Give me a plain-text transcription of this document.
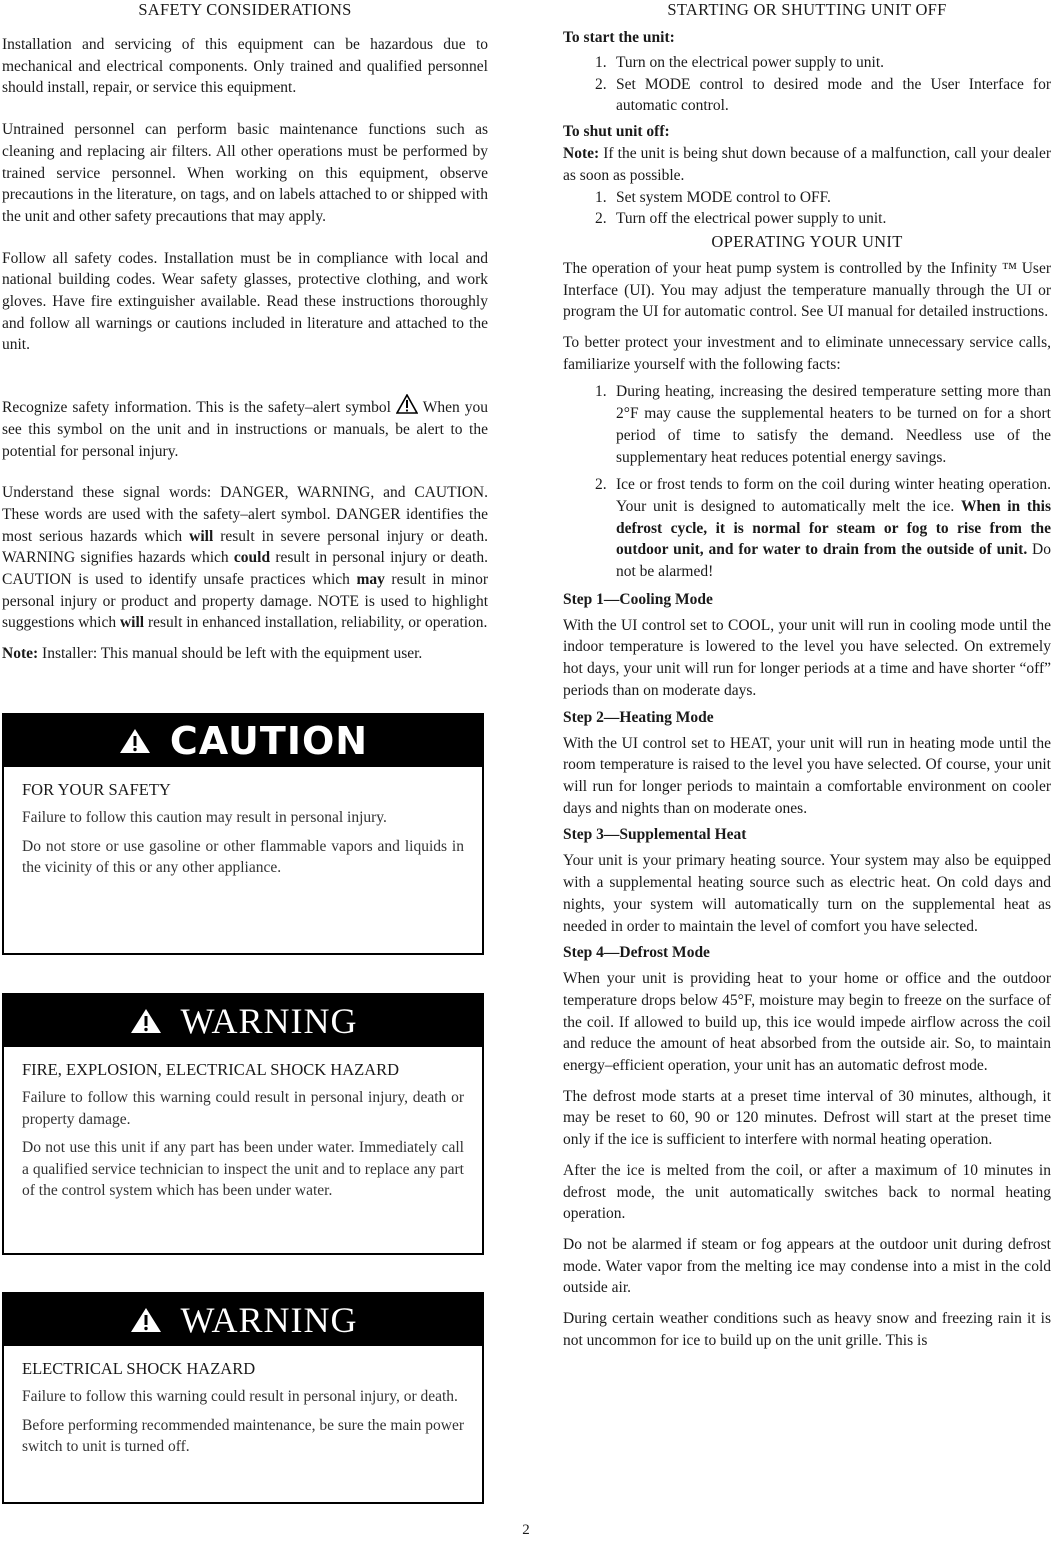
SAFETY CONSIDERATIONS

Installation and servicing of this equipment can be hazardous due to mechanical and electrical components. Only trained and qualified personnel should install, repair, or service this equipment.

Untrained personnel can perform basic maintenance functions such as cleaning and replacing air filters. All other operations must be performed by trained service personnel. When working on this equipment, observe precautions in the literature, on tags, and on labels attached to or shipped with the unit and other safety precautions that may apply.

Follow all safety codes. Installation must be in compliance with local and national building codes. Wear safety glasses, protective clothing, and work gloves. Have fire extinguisher available. Read these instructions thoroughly and follow all warnings or cautions included in literature and attached to the unit.

Recognize safety information. This is the safety–alert symbol When you see this symbol on the unit and in instructions or manuals, be alert to the potential for personal injury.

Understand these signal words: DANGER, WARNING, and CAUTION. These words are used with the safety–alert symbol. DANGER identifies the most serious hazards which will result in severe personal injury or death. WARNING signifies hazards which could result in personal injury or death. CAUTION is used to identify unsafe practices which may result in minor personal injury or product and property damage. NOTE is used to highlight suggestions which will result in enhanced installation, reliability, or operation.

Note: Installer: This manual should be left with the equipment user.

CAUTION
FOR YOUR SAFETY

Failure to follow this caution may result in personal injury.

Do not store or use gasoline or other flammable vapors and liquids in the vicinity of this or any other appliance.

WARNING
FIRE, EXPLOSION, ELECTRICAL SHOCK HAZARD

Failure to follow this warning could result in personal injury, death or property damage.

Do not use this unit if any part has been under water. Immediately call a qualified service technician to inspect the unit and to replace any part of the control system which has been under water.

WARNING
ELECTRICAL SHOCK HAZARD

Failure to follow this warning could result in personal injury, or death.

Before performing recommended maintenance, be sure the main power switch to unit is turned off.

STARTING OR SHUTTING UNIT OFF
To start the unit:
1. Turn on the electrical power supply to unit.
2. Set MODE control to desired mode and the User Interface for automatic control.
To shut unit off:

Note: If the unit is being shut down because of a malfunction, call your dealer as soon as possible.

1. Set system MODE control to OFF.
2. Turn off the electrical power supply to unit.
OPERATING YOUR UNIT

The operation of your heat pump system is controlled by the Infinity ™ User Interface (UI). You may adjust the temperature manually through the UI or program the UI for automatic control. See UI manual for detailed instructions.

To better protect your investment and to eliminate unnecessary service calls, familiarize yourself with the following facts:

1. During heating, increasing the desired temperature setting more than 2°F may cause the supplemental heaters to be turned on for a short period of time to satisfy the demand. Needless use of the supplementary heat reduces potential energy savings.
2. Ice or frost tends to form on the coil during winter heating operation. Your unit is designed to automatically melt the ice. When in this defrost cycle, it is normal for steam or fog to rise from the outdoor unit, and for water to drain from the outside of unit. Do not be alarmed!
Step 1—Cooling Mode

With the UI control set to COOL, your unit will run in cooling mode until the indoor temperature is lowered to the level you have selected. On extremely hot days, your unit will run for longer periods at a time and have shorter “off” periods than on moderate days.

Step 2—Heating Mode

With the UI control set to HEAT, your unit will run in heating mode until the room temperature is raised to the level you have selected. Of course, your unit will run for longer periods to maintain a comfortable environment on cooler days and nights than on moderate ones.

Step 3—Supplemental Heat

Your unit is your primary heating source. Your system may also be equipped with a supplemental heating source such as electric heat. On cold days and nights, your system will automatically turn on the supplemental heat as needed in order to maintain the level of comfort you have selected.

Step 4—Defrost Mode

When your unit is providing heat to your home or office and the outdoor temperature drops below 45°F, moisture may begin to freeze on the surface of the coil. If allowed to build up, this ice would impede airflow across the coil and reduce the amount of heat absorbed from the outside air. So, to maintain energy–efficient operation, your unit has an automatic defrost mode.

The defrost mode starts at a preset time interval of 30 minutes, although, it may be reset to 60, 90 or 120 minutes. Defrost will start at the preset time only if the ice is sufficient to interfere with normal heating operation.

After the ice is melted from the coil, or after a maximum of 10 minutes in defrost mode, the unit automatically switches back to normal heating operation.

Do not be alarmed if steam or fog appears at the outdoor unit during defrost mode. Water vapor from the melting ice may condense into a mist in the cold outside air.

During certain weather conditions such as heavy snow and freezing rain it is not uncommon for ice to build up on the unit grille. This is

2
